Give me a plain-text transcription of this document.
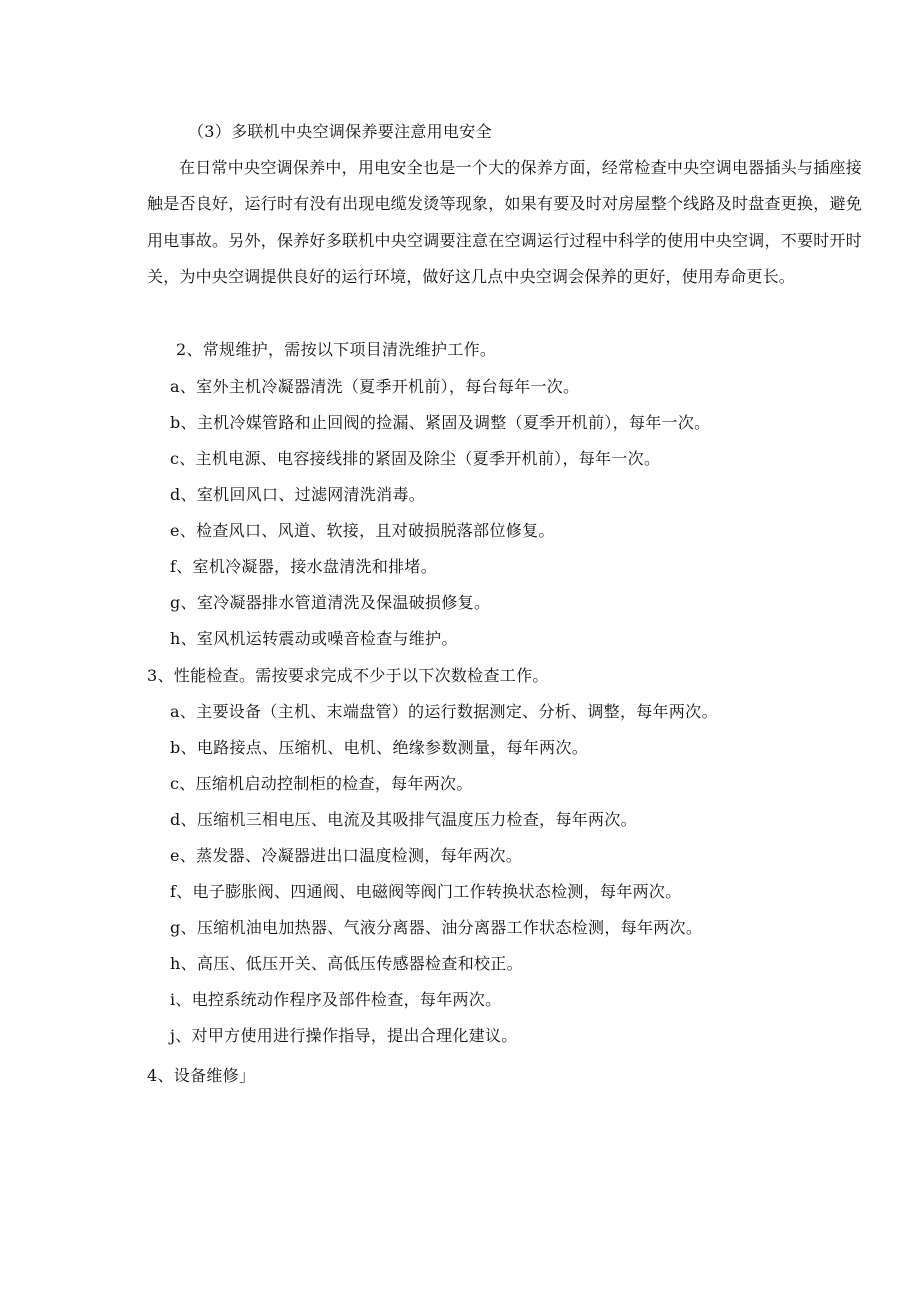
（3）多联机中央空调保养要注意用电安全
在日常中央空调保养中，用电安全也是一个大的保养方面，经常检查中央空调电器插头与插座接触是否良好，运行时有没有出现电缆发烫等现象，如果有要及时对房屋整个线路及时盘查更换，避免用电事故。另外，保养好多联机中央空调要注意在空调运行过程中科学的使用中央空调，不要时开时关，为中央空调提供良好的运行环境，做好这几点中央空调会保养的更好，使用寿命更长。
2、常规维护，需按以下项目清洗维护工作。
a、室外主机冷凝器清洗（夏季开机前），每台每年一次。
b、主机冷媒管路和止回阀的捡漏、紧固及调整（夏季开机前），每年一次。
c、主机电源、电容接线排的紧固及除尘（夏季开机前），每年一次。
d、室机回风口、过滤网清洗消毒。
e、检查风口、风道、软接，且对破损脱落部位修复。
f、室机冷凝器，接水盘清洗和排堵。
g、室冷凝器排水管道清洗及保温破损修复。
h、室风机运转震动或噪音检查与维护。
3、性能检查。需按要求完成不少于以下次数检查工作。
a、主要设备（主机、末端盘管）的运行数据测定、分析、调整，每年两次。
b、电路接点、压缩机、电机、绝缘参数测量，每年两次。
c、压缩机启动控制柜的检查，每年两次。
d、压缩机三相电压、电流及其吸排气温度压力检查，每年两次。
e、蒸发器、冷凝器进出口温度检测，每年两次。
f、电子膨胀阀、四通阀、电磁阀等阀门工作转换状态检测，每年两次。
g、压缩机油电加热器、气液分离器、油分离器工作状态检测，每年两次。
h、高压、低压开关、高低压传感器检查和校正。
i、电控系统动作程序及部件检查，每年两次。
j、对甲方使用进行操作指导，提出合理化建议。
4、设备维修」
